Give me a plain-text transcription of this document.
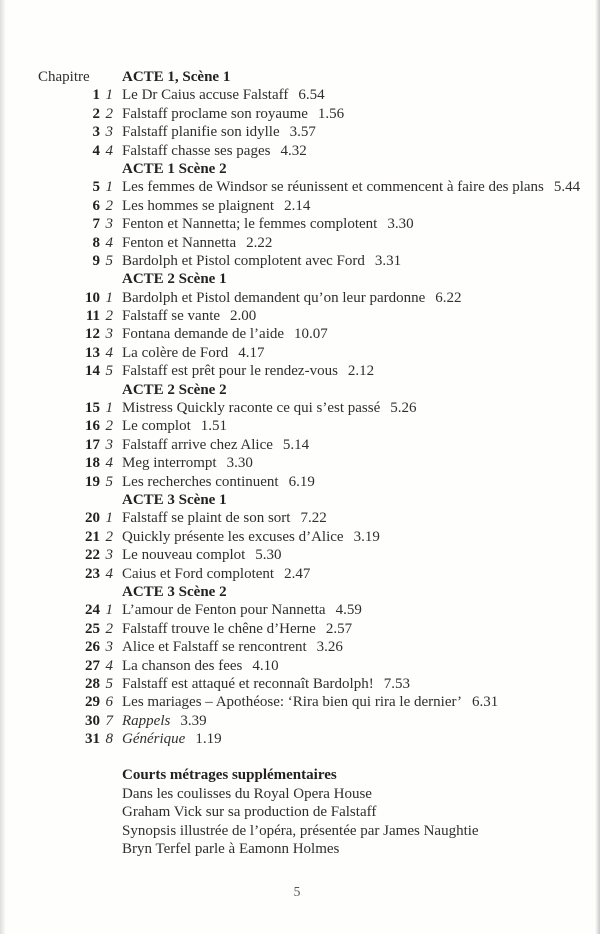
Chapitre	ACTE 1, Scène 1
1 1 Le Dr Caius accuse Falstaff 6.54
2 2 Falstaff proclame son royaume 1.56
3 3 Falstaff planifie son idylle 3.57
4 4 Falstaff chasse ses pages 4.32
ACTE 1 Scène 2
5 1 Les femmes de Windsor se réunissent et commencent à faire des plans 5.44
6 2 Les hommes se plaignent 2.14
7 3 Fenton et Nannetta; le femmes complotent 3.30
8 4 Fenton et Nannetta 2.22
9 5 Bardolph et Pistol complotent avec Ford 3.31
ACTE 2 Scène 1
10 1 Bardolph et Pistol demandent qu’on leur pardonne 6.22
11 2 Falstaff se vante 2.00
12 3 Fontana demande de l’aide 10.07
13 4 La colère de Ford 4.17
14 5 Falstaff est prêt pour le rendez-vous 2.12
ACTE 2 Scène 2
15 1 Mistress Quickly raconte ce qui s’est passé 5.26
16 2 Le complot 1.51
17 3 Falstaff arrive chez Alice 5.14
18 4 Meg interrompt 3.30
19 5 Les recherches continuent 6.19
ACTE 3 Scène 1
20 1 Falstaff se plaint de son sort 7.22
21 2 Quickly présente les excuses d’Alice 3.19
22 3 Le nouveau complot 5.30
23 4 Caius et Ford complotent 2.47
ACTE 3 Scène 2
24 1 L’amour de Fenton pour Nannetta 4.59
25 2 Falstaff trouve le chêne d’Herne 2.57
26 3 Alice et Falstaff se rencontrent 3.26
27 4 La chanson des fees 4.10
28 5 Falstaff est attaqué et reconnaît Bardolph! 7.53
29 6 Les mariages – Apothéose: ‘Rira bien qui rira le dernier’ 6.31
30 7 Rappels 3.39
31 8 Générique 1.19
Courts métrages supplémentaires
Dans les coulisses du Royal Opera House
Graham Vick sur sa production de Falstaff
Synopsis illustrée de l’opéra, présentée par James Naughtie
Bryn Terfel parle à Eamonn Holmes
5
